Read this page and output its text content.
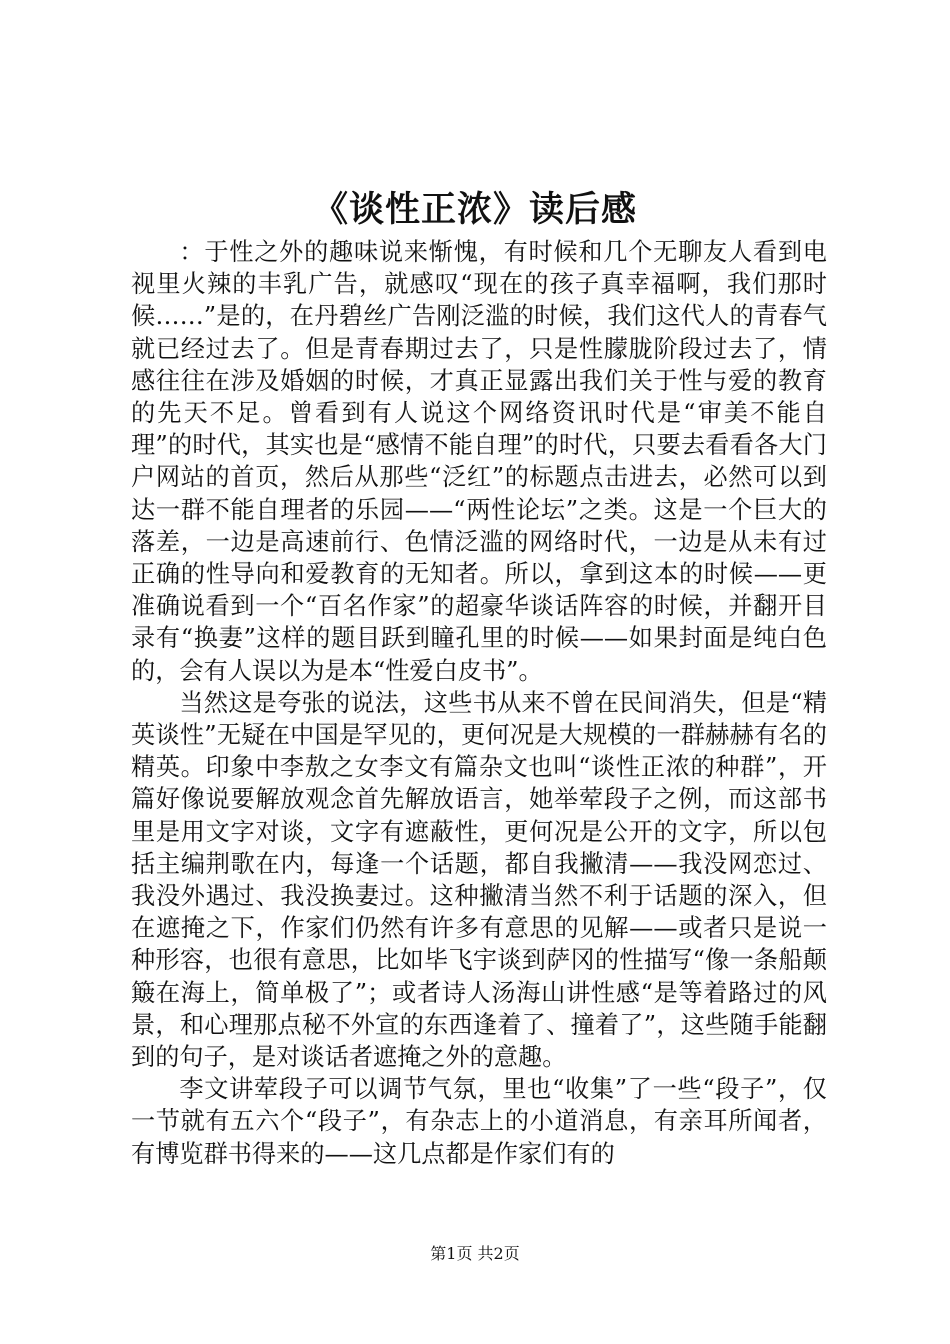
《谈性正浓》读后感

：于性之外的趣味说来惭愧，有时候和几个无聊友人看到电视里火辣的丰乳广告，就感叹“现在的孩子真幸福啊，我们那时候……”是的，在丹碧丝广告刚泛滥的时候，我们这代人的青春气就已经过去了。但是青春期过去了，只是性朦胧阶段过去了，情感往往在涉及婚姻的时候，才真正显露出我们关于性与爱的教育的先天不足。曾看到有人说这个网络资讯时代是“审美不能自理”的时代，其实也是“感情不能自理”的时代，只要去看看各大门户网站的首页，然后从那些“泛红”的标题点击进去，必然可以到达一群不能自理者的乐园——“两性论坛”之类。这是一个巨大的落差，一边是高速前行、色情泛滥的网络时代，一边是从未有过正确的性导向和爱教育的无知者。所以，拿到这本的时候——更准确说看到一个“百名作家”的超豪华谈话阵容的时候，并翻开目录有“换妻”这样的题目跃到瞳孔里的时候——如果封面是纯白色的，会有人误以为是本“性爱白皮书”。

当然这是夸张的说法，这些书从来不曾在民间消失，但是“精英谈性”无疑在中国是罕见的，更何况是大规模的一群赫赫有名的精英。印象中李敖之女李文有篇杂文也叫“谈性正浓的种群”，开篇好像说要解放观念首先解放语言，她举荤段子之例，而这部书里是用文字对谈，文字有遮蔽性，更何况是公开的文字，所以包括主编荆歌在内，每逢一个话题，都自我撇清——我没网恋过、我没外遇过、我没换妻过。这种撇清当然不利于话题的深入，但在遮掩之下，作家们仍然有许多有意思的见解——或者只是说一种形容，也很有意思，比如毕飞宇谈到萨冈的性描写“像一条船颠簸在海上，简单极了”；或者诗人汤海山讲性感“是等着路过的风景，和心理那点秘不外宣的东西逢着了、撞着了”，这些随手能翻到的句子，是对谈话者遮掩之外的意趣。

李文讲荤段子可以调节气氛，里也“收集”了一些“段子”，仅一节就有五六个“段子”，有杂志上的小道消息，有亲耳所闻者，有博览群书得来的——这几点都是作家们有的

第1页 共2页
